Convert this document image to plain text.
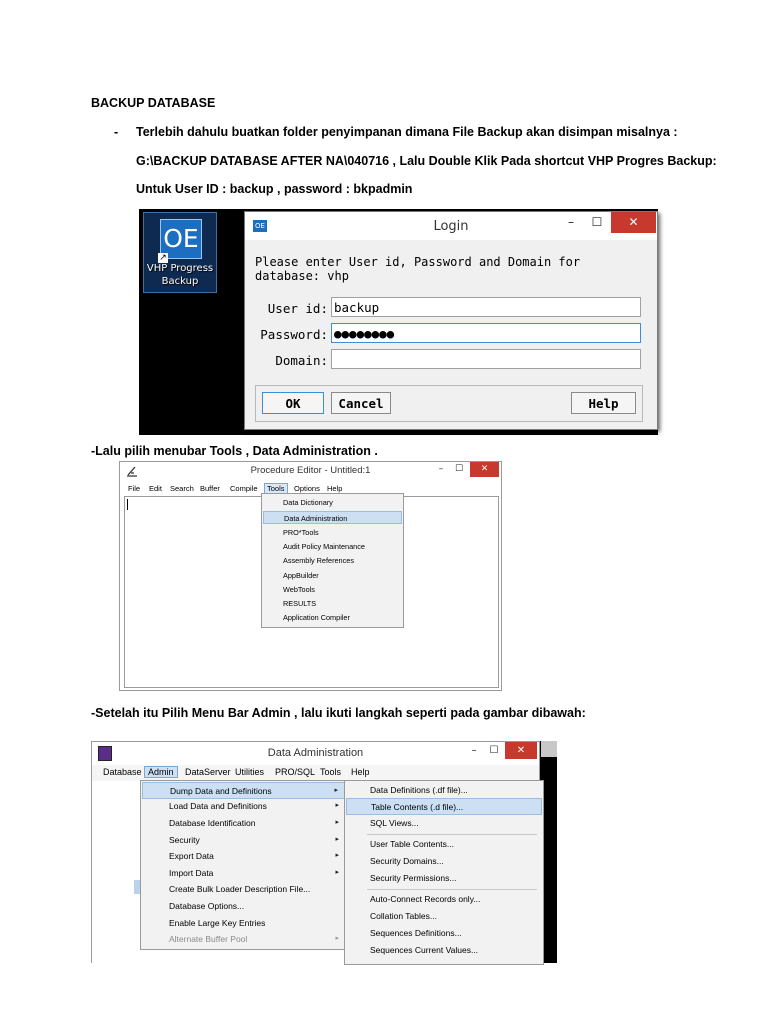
BACKUP DATABASE
- Terlebih dahulu buatkan folder penyimpanan dimana File Backup akan disimpan misalnya :
G:\BACKUP DATABASE AFTER NA\040716 , Lalu Double Klik Pada shortcut VHP Progres Backup:
Untuk User ID : backup , password : bkpadmin
-Lalu pilih menubar Tools , Data Administration .
-Setelah itu Pilih Menu Bar Admin , lalu ikuti langkah seperti pada gambar dibawah:
OE
↗
VHP Progress
Backup
OE	Login	–	☐	✕
Please enter User id, Password and Domain for
database: vhp
User id: backup
Password: ●●●●●●●●
Domain:
OK	Cancel	Help
Procedure Editor - Untitled:1	–	☐	✕
File Edit Search Buffer Compile	Tools	Options Help
Data Dictionary
Data Administration
PRO*Tools
Audit Policy Maintenance
Assembly References
AppBuilder
WebTools
RESULTS
Application Compiler
Data Administration	–	☐	✕
Database Admin	DataServer Utilities PRO/SQL Tools Help
Dump Data and Definitions	▸
Load Data and Definitions	▸
Database Identification	▸
Security	▸
Export Data	▸
Import Data	▸
Create Bulk Loader Description File...
Database Options...
Enable Large Key Entries
Alternate Buffer Pool	▸
Data Definitions (.df file)...
Table Contents (.d file)...
SQL Views...
User Table Contents...
Security Domains...
Security Permissions...
Auto-Connect Records only...
Collation Tables...
Sequences Definitions...
Sequences Current Values...
